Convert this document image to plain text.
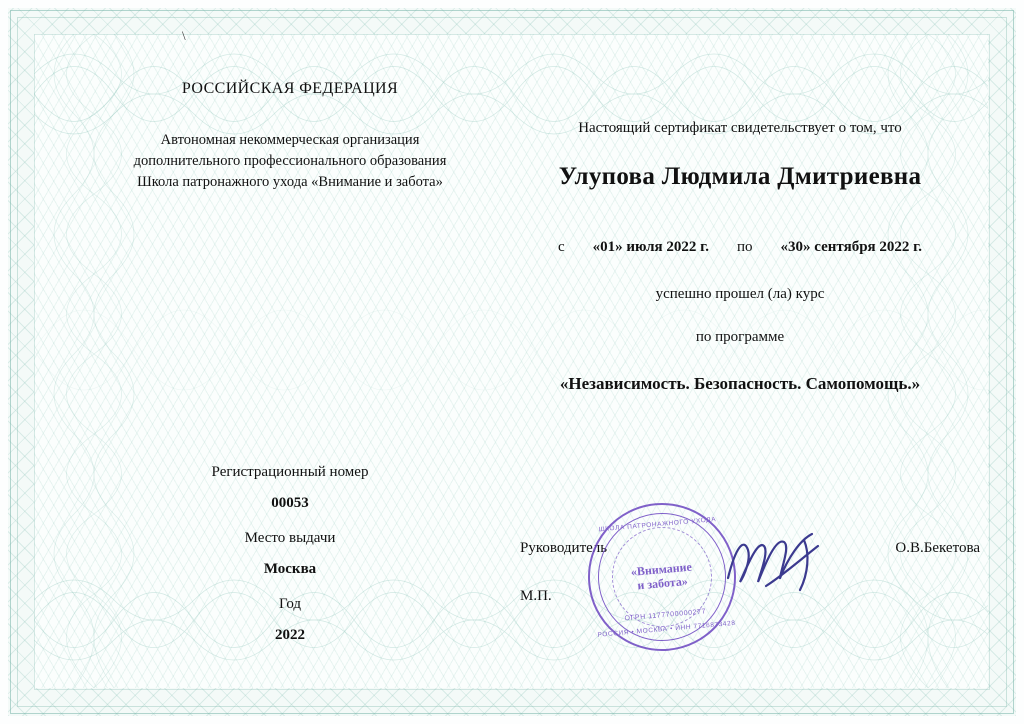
\
РОССИЙСКАЯ ФЕДЕРАЦИЯ
Автономная некоммерческая организация
дополнительного профессионального образования
Школа патронажного ухода «Внимание и забота»
Настоящий сертификат свидетельствует о том, что
Улупова Людмила Дмитриевна
с «01» июля 2022 г. по «30» сентября 2022 г.
успешно прошел (ла) курс
по программе
«Независимость. Безопасность. Самопомощь.»
Регистрационный номер
00053
Место выдачи
Москва
Год
2022
Руководитель	О.В.Бекетова
М.П.
ШКОЛА ПАТРОНАЖНОГО УХОДА
«Внимание
и забота»
ОГРН 1177700000277
РОССИЯ • МОСКВА • ИНН 7716873428
